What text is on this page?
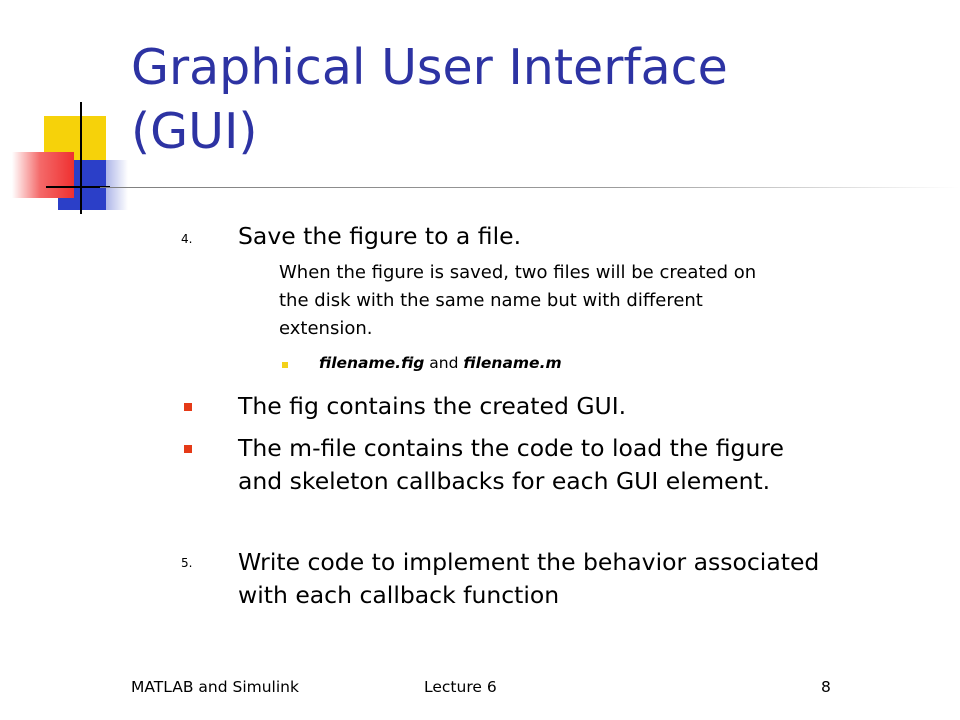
Graphical User Interface
(GUI)
4. Save the figure to a file.
When the figure is saved, two files will be created on
the disk with the same name but with different
extension.
filename.fig and filename.m
The fig contains the created GUI.
The m-file contains the code to load the figure
and skeleton callbacks for each GUI element.
5. Write code to implement the behavior associated
with each callback function
MATLAB and Simulink	Lecture 6	8
